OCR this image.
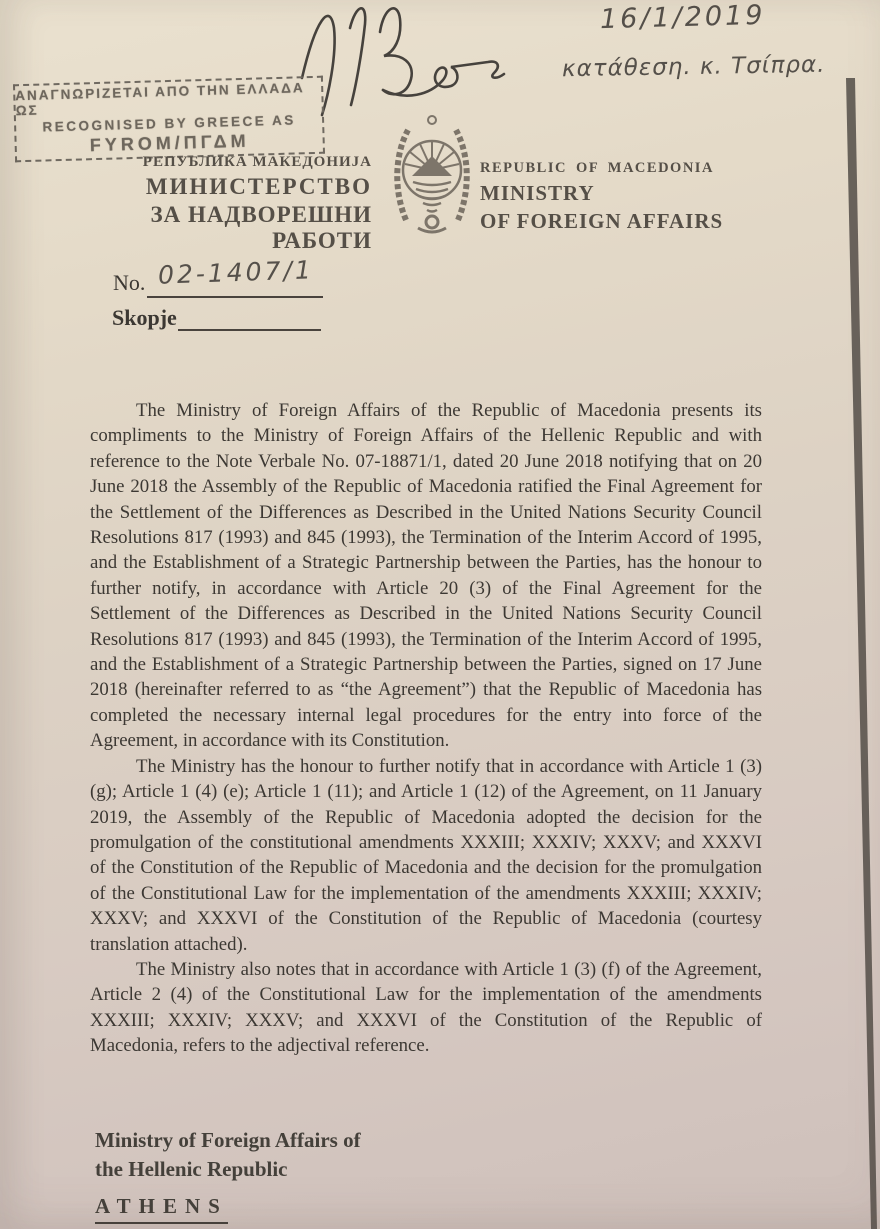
16/1/2019
κατάθεση. κ. Τσίπρα.
ΑΝΑΓΝΩΡΙΖΕΤΑΙ ΑΠΟ ΤΗΝ ΕΛΛΑΔΑ ΩΣ
RECOGNISED BY GREECE AS
FYROM/ΠΓΔΜ
РЕПУБЛИКА МАКЕДОНИЈА
МИНИСТЕРСТВО
ЗА НАДВОРЕШНИ РАБОТИ
REPUBLIC OF MACEDONIA
MINISTRY
OF FOREIGN AFFAIRS
No. 02-1407/1
Skopje

The Ministry of Foreign Affairs of the Republic of Macedonia presents its compliments to the Ministry of Foreign Affairs of the Hellenic Republic and with reference to the Note Verbale No. 07-18871/1, dated 20 June 2018 notifying that on 20 June 2018 the Assembly of the Republic of Macedonia ratified the Final Agreement for the Settlement of the Differences as Described in the United Nations Security Council Resolutions 817 (1993) and 845 (1993), the Termination of the Interim Accord of 1995, and the Establishment of a Strategic Partnership between the Parties, has the honour to further notify, in accordance with Article 20 (3) of the Final Agreement for the Settlement of the Differences as Described in the United Nations Security Council Resolutions 817 (1993) and 845 (1993), the Termination of the Interim Accord of 1995, and the Establishment of a Strategic Partnership between the Parties, signed on 17 June 2018 (hereinafter referred to as “the Agreement”) that the Republic of Macedonia has completed the necessary internal legal procedures for the entry into force of the Agreement, in accordance with its Constitution.

The Ministry has the honour to further notify that in accordance with Article 1 (3) (g); Article 1 (4) (e); Article 1 (11); and Article 1 (12) of the Agreement, on 11 January 2019, the Assembly of the Republic of Macedonia adopted the decision for the promulgation of the constitutional amendments XXXIII; XXXIV; XXXV; and XXXVI of the Constitution of the Republic of Macedonia and the decision for the promulgation of the Constitutional Law for the implementation of the amendments XXXIII; XXXIV; XXXV; and XXXVI of the Constitution of the Republic of Macedonia (courtesy translation attached).

The Ministry also notes that in accordance with Article 1 (3) (f) of the Agreement, Article 2 (4) of the Constitutional Law for the implementation of the amendments XXXIII; XXXIV; XXXV; and XXXVI of the Constitution of the Republic of Macedonia, refers to the adjectival reference.

Ministry of Foreign Affairs of
the Hellenic Republic
ATHENS
